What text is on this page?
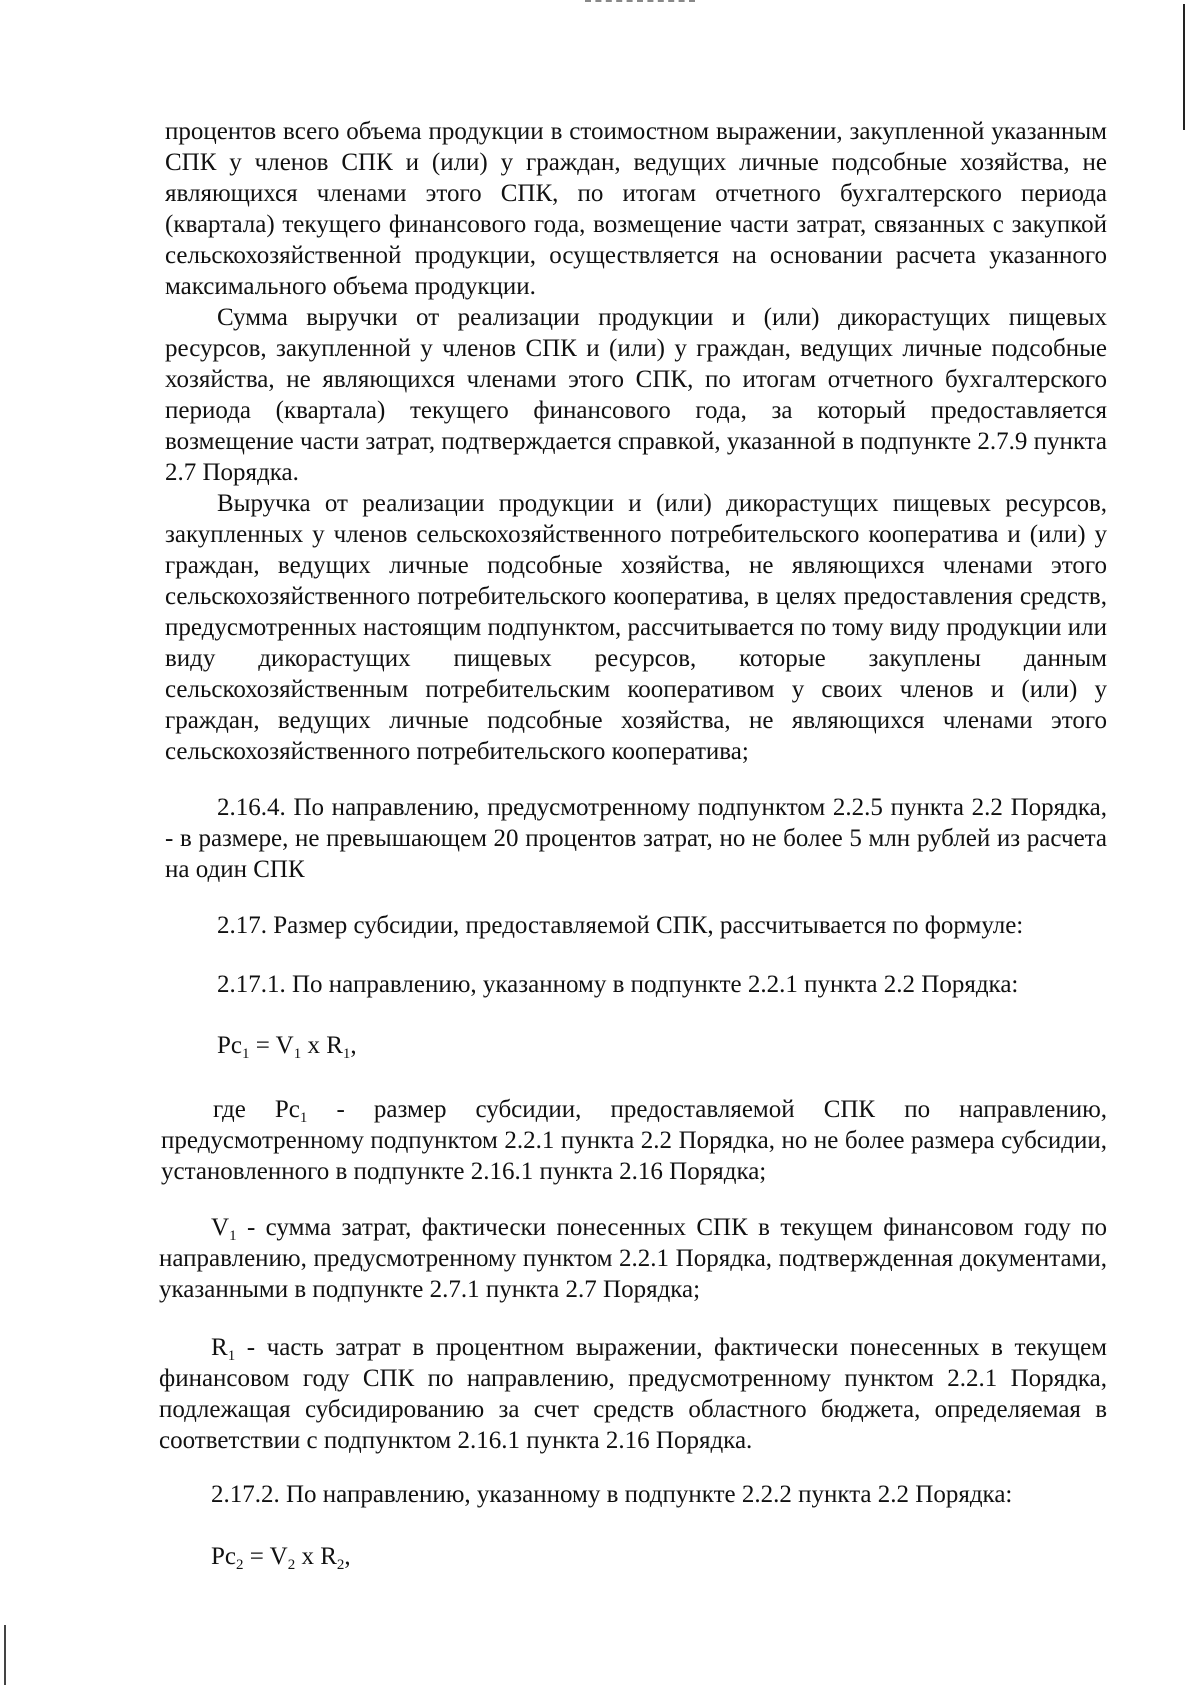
процентов всего объема продукции в стоимостном выражении, закупленной указанным СПК у членов СПК и (или) у граждан, ведущих личные подсобные хозяйства, не являющихся членами этого СПК, по итогам отчетного бухгалтерского периода (квартала) текущего финансового года, возмещение части затрат, связанных с закупкой сельскохозяйственной продукции, осуществляется на основании расчета указанного максимального объема продукции.

Сумма выручки от реализации продукции и (или) дикорастущих пищевых ресурсов, закупленной у членов СПК и (или) у граждан, ведущих личные подсобные хозяйства, не являющихся членами этого СПК, по итогам отчетного бухгалтерского периода (квартала) текущего финансового года, за который предоставляется возмещение части затрат, подтверждается справкой, указанной в подпункте 2.7.9 пункта 2.7 Порядка.

Выручка от реализации продукции и (или) дикорастущих пищевых ресурсов, закупленных у членов сельскохозяйственного потребительского кооператива и (или) у граждан, ведущих личные подсобные хозяйства, не являющихся членами этого сельскохозяйственного потребительского кооператива, в целях предоставления средств, предусмотренных настоящим подпунктом, рассчитывается по тому виду продукции или виду дикорастущих пищевых ресурсов, которые закуплены данным сельскохозяйственным потребительским кооперативом у своих членов и (или) у граждан, ведущих личные подсобные хозяйства, не являющихся членами этого сельскохозяйственного потребительского кооператива;

2.16.4. По направлению, предусмотренному подпунктом 2.2.5 пункта 2.2 Порядка, - в размере, не превышающем 20 процентов затрат, но не более 5 млн рублей из расчета на один СПК

2.17. Размер субсидии, предоставляемой СПК, рассчитывается по формуле:
2.17.1. По направлению, указанному в подпункте 2.2.1 пункта 2.2 Порядка:
$Pc_1 = V_1$ x $R_1$,

где $Pc_1$ - размер субсидии, предоставляемой СПК по направлению, предусмотренному подпунктом 2.2.1 пункта 2.2 Порядка, но не более размера субсидии, установленного в подпункте 2.16.1 пункта 2.16 Порядка;

$V_1$ - сумма затрат, фактически понесенных СПК в текущем финансовом году по направлению, предусмотренному пунктом 2.2.1 Порядка, подтвержденная документами, указанными в подпункте 2.7.1 пункта 2.7 Порядка;

$R_1$ - часть затрат в процентном выражении, фактически понесенных в текущем финансовом году СПК по направлению, предусмотренному пунктом 2.2.1 Порядка, подлежащая субсидированию за счет средств областного бюджета, определяемая в соответствии с подпунктом 2.16.1 пункта 2.16 Порядка.

2.17.2. По направлению, указанному в подпункте 2.2.2 пункта 2.2 Порядка:
$Pc_2 = V_2$ x $R_2$,
